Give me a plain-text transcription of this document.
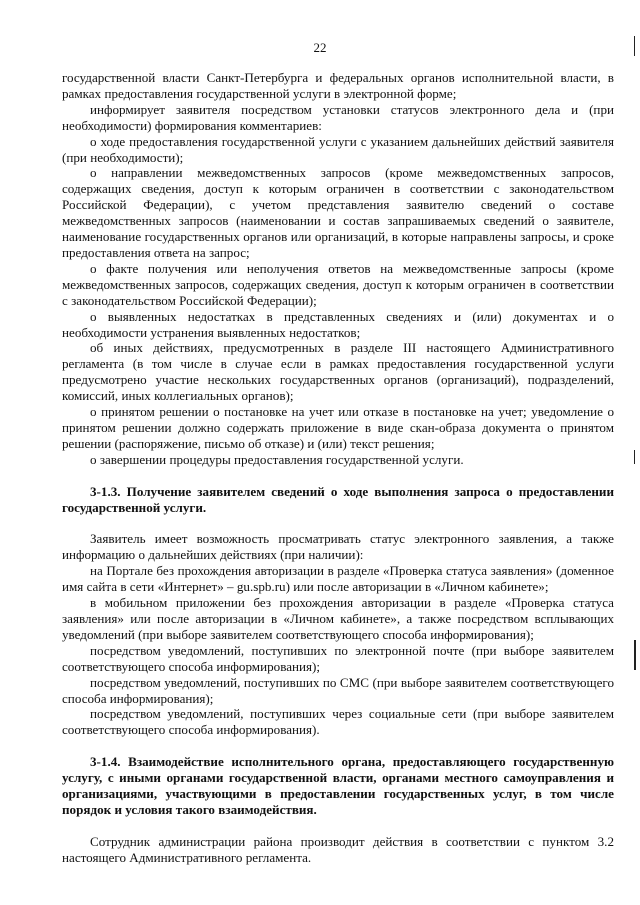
22

государственной власти Санкт-Петербурга и федеральных органов исполнительной власти, в рамках предоставления государственной услуги в электронной форме;

информирует заявителя посредством установки статусов электронного дела и (при необходимости) формирования комментариев:

о ходе предоставления государственной услуги с указанием дальнейших действий заявителя (при необходимости);

о направлении межведомственных запросов (кроме межведомственных запросов, содержащих сведения, доступ к которым ограничен в соответствии с законодательством Российской Федерации), с учетом представления заявителю сведений о составе межведомственных запросов (наименовании и состав запрашиваемых сведений о заявителе, наименование государственных органов или организаций, в которые направлены запросы, и сроке предоставления ответа на запрос;

о факте получения или неполучения ответов на межведомственные запросы (кроме межведомственных запросов, содержащих сведения, доступ к которым ограничен в соответствии с законодательством Российской Федерации);

о выявленных недостатках в представленных сведениях и (или) документах и о необходимости устранения выявленных недостатков;

об иных действиях, предусмотренных в разделе III настоящего Административного регламента (в том числе в случае если в рамках предоставления государственной услуги предусмотрено участие нескольких государственных органов (организаций), подразделений, комиссий, иных коллегиальных органов);

о принятом решении о постановке на учет или отказе в постановке на учет; уведомление о принятом решении должно содержать приложение в виде скан-образа документа о принятом решении (распоряжение, письмо об отказе) и (или) текст решения;

о завершении процедуры предоставления государственной услуги.

3-1.3. Получение заявителем сведений о ходе выполнения запроса о предоставлении государственной услуги.

Заявитель имеет возможность просматривать статус электронного заявления, а также информацию о дальнейших действиях (при наличии):

на Портале без прохождения авторизации в разделе «Проверка статуса заявления» (доменное имя сайта в сети «Интернет» – gu.spb.ru) или после авторизации в «Личном кабинете»;

в мобильном приложении без прохождения авторизации в разделе «Проверка статуса заявления» или после авторизации в «Личном кабинете», а также посредством всплывающих уведомлений (при выборе заявителем соответствующего способа информирования);

посредством уведомлений, поступивших по электронной почте (при выборе заявителем соответствующего способа информирования);

посредством уведомлений, поступивших по СМС (при выборе заявителем соответствующего способа информирования);

посредством уведомлений, поступивших через социальные сети (при выборе заявителем соответствующего способа информирования).

3-1.4. Взаимодействие исполнительного органа, предоставляющего государственную услугу, с иными органами государственной власти, органами местного самоуправления и организациями, участвующими в предоставлении государственных услуг, в том числе порядок и условия такого взаимодействия.

Сотрудник администрации района производит действия в соответствии с пунктом 3.2 настоящего Административного регламента.
